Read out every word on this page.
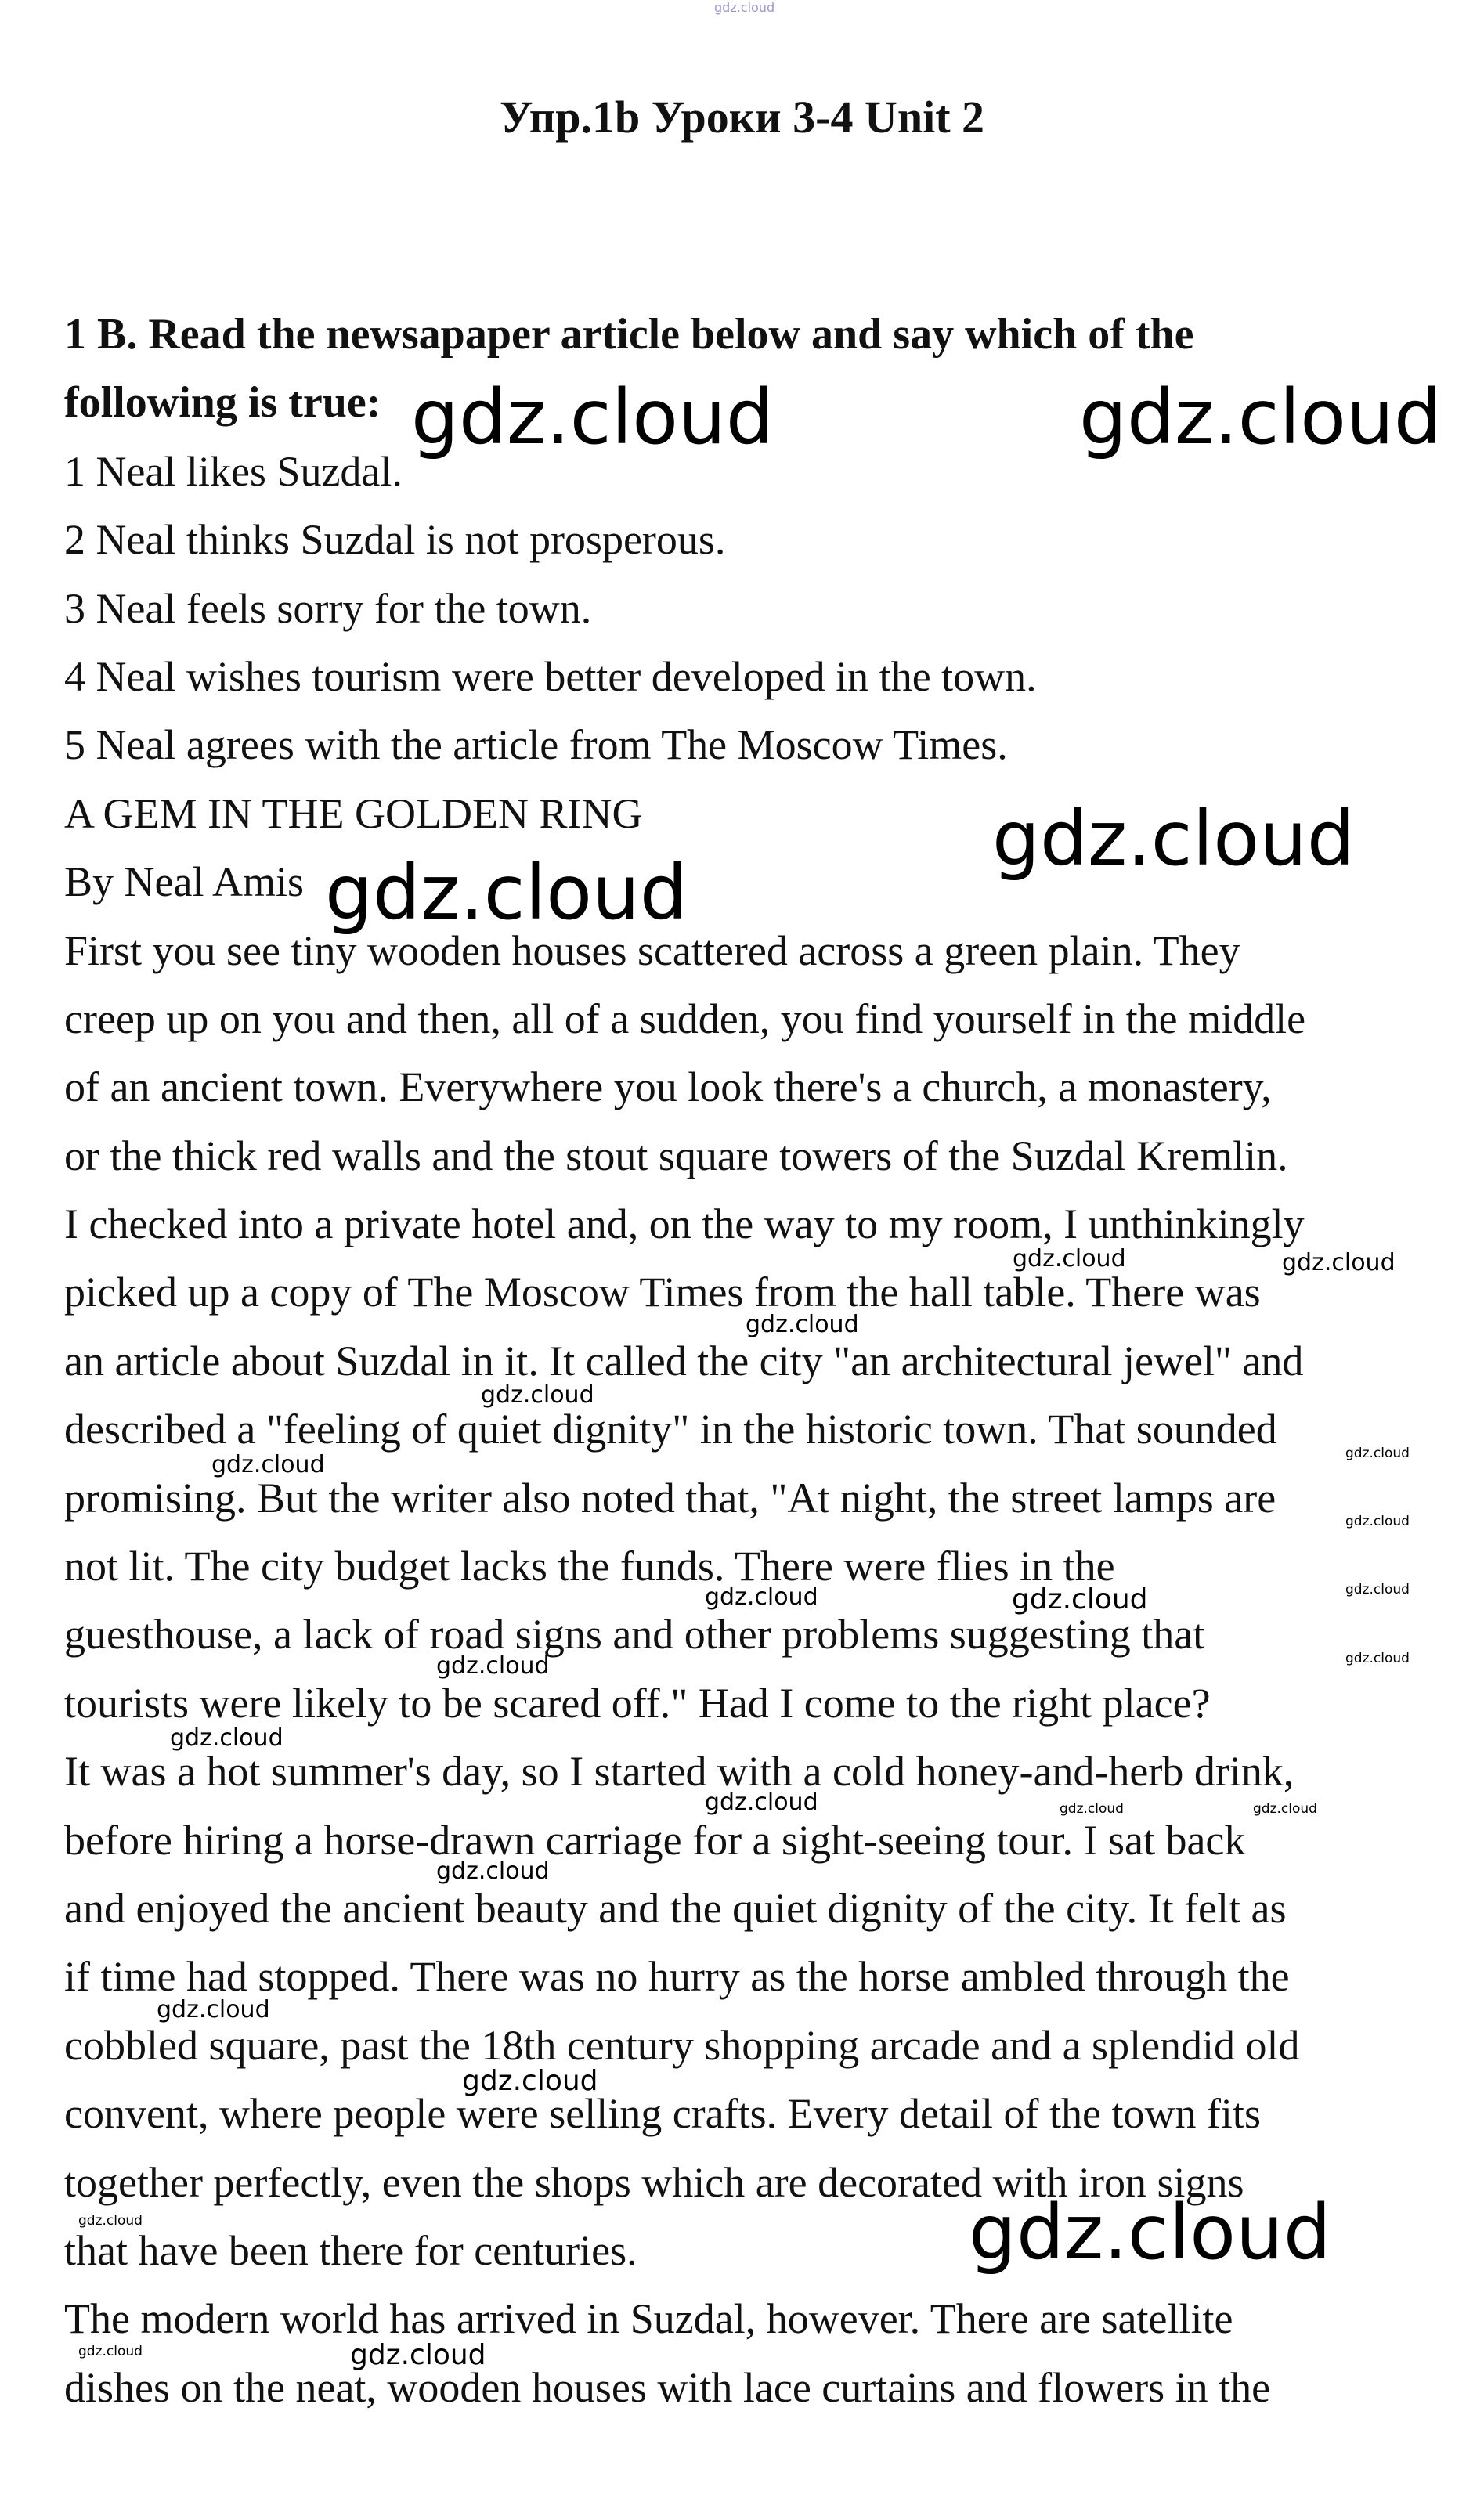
Упр.1b Уроки 3-4 Unit 2
1 B. Read the newsapaper article below and say which of the
following is true:
1 Neal likes Suzdal.
2 Neal thinks Suzdal is not prosperous.
3 Neal feels sorry for the town.
4 Neal wishes tourism were better developed in the town.
5 Neal agrees with the article from The Moscow Times.
A GEM IN THE GOLDEN RING
By Neal Amis
First you see tiny wooden houses scattered across a green plain. They
creep up on you and then, all of a sudden, you find yourself in the middle
of an ancient town. Everywhere you look there's a church, a monastery,
or the thick red walls and the stout square towers of the Suzdal Kremlin.
I checked into a private hotel and, on the way to my room, I unthinkingly
picked up a copy of The Moscow Times from the hall table. There was
an article about Suzdal in it. It called the city "an architectural jewel" and
described a "feeling of quiet dignity" in the historic town. That sounded
promising. But the writer also noted that, "At night, the street lamps are
not lit. The city budget lacks the funds. There were flies in the
guesthouse, a lack of road signs and other problems suggesting that
tourists were likely to be scared off." Had I come to the right place?
It was a hot summer's day, so I started with a cold honey-and-herb drink,
before hiring a horse-drawn carriage for a sight-seeing tour. I sat back
and enjoyed the ancient beauty and the quiet dignity of the city. It felt as
if time had stopped. There was no hurry as the horse ambled through the
cobbled square, past the 18th century shopping arcade and a splendid old
convent, where people were selling crafts. Every detail of the town fits
together perfectly, even the shops which are decorated with iron signs
that have been there for centuries.
The modern world has arrived in Suzdal, however. There are satellite
dishes on the neat, wooden houses with lace curtains and flowers in the
gdz.cloud
gdz.cloud	gdz.cloud
gdz.cloud
gdz.cloud
gdz.cloud	gdz.cloud
gdz.cloud
gdz.cloud
gdz.cloud
gdz.cloud
gdz.cloud
gdz.cloud
gdz.cloud	gdz.cloud
gdz.cloud
gdz.cloud
gdz.cloud
gdz.cloud	gdz.cloud	gdz.cloud
gdz.cloud
gdz.cloud
gdz.cloud
gdz.cloud
gdz.cloud
gdz.cloud	gdz.cloud
